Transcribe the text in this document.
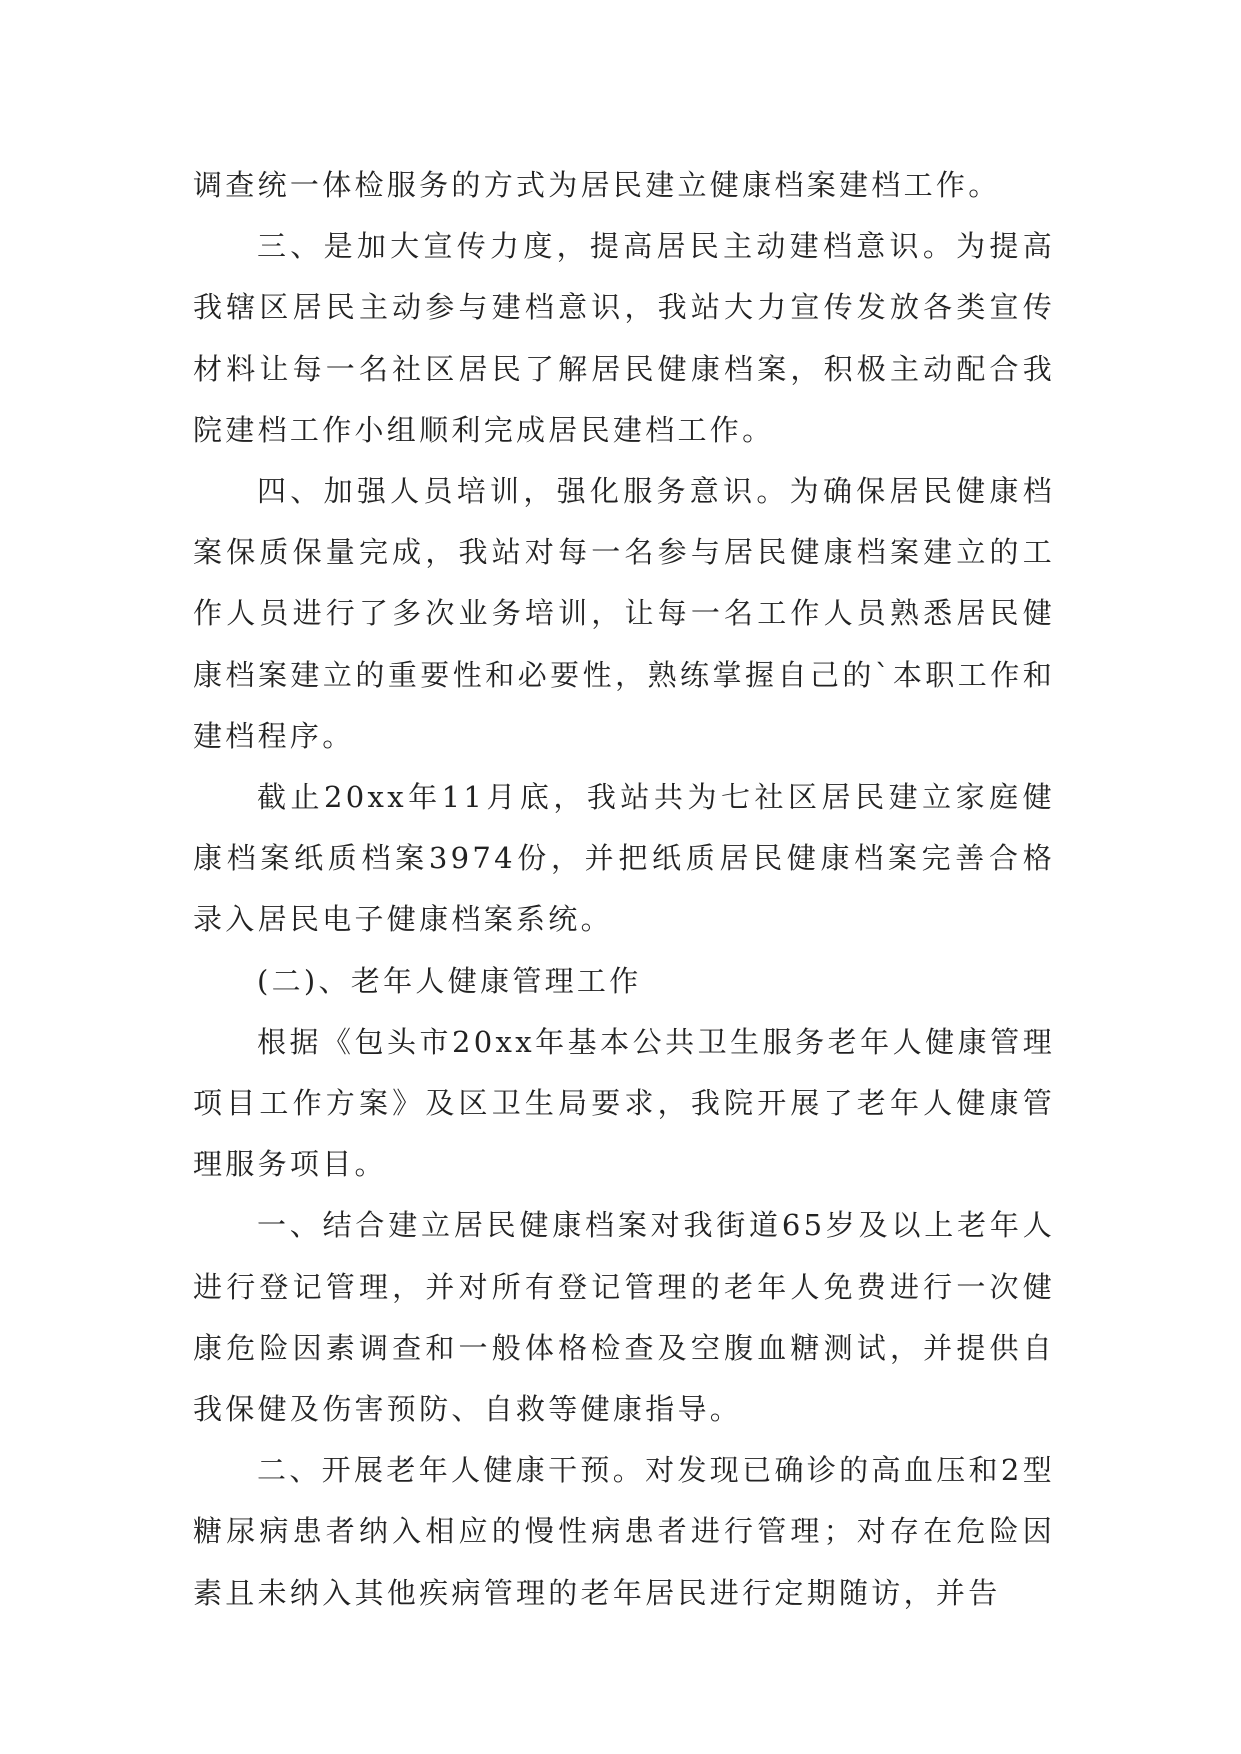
调查统一体检服务的方式为居民建立健康档案建档工作。

三、是加大宣传力度，提高居民主动建档意识。为提高我辖区居民主动参与建档意识，我站大力宣传发放各类宣传材料让每一名社区居民了解居民健康档案，积极主动配合我院建档工作小组顺利完成居民建档工作。

四、加强人员培训，强化服务意识。为确保居民健康档案保质保量完成，我站对每一名参与居民健康档案建立的工作人员进行了多次业务培训，让每一名工作人员熟悉居民健康档案建立的重要性和必要性，熟练掌握自己的`本职工作和建档程序。

截止20xx年11月底，我站共为七社区居民建立家庭健康档案纸质档案3974份，并把纸质居民健康档案完善合格录入居民电子健康档案系统。

(二)、老年人健康管理工作

根据《包头市20xx年基本公共卫生服务老年人健康管理项目工作方案》及区卫生局要求，我院开展了老年人健康管理服务项目。

一、结合建立居民健康档案对我街道65岁及以上老年人进行登记管理，并对所有登记管理的老年人免费进行一次健康危险因素调查和一般体格检查及空腹血糖测试，并提供自我保健及伤害预防、自救等健康指导。

二、开展老年人健康干预。对发现已确诊的高血压和2型糖尿病患者纳入相应的慢性病患者进行管理；对存在危险因素且未纳入其他疾病管理的老年居民进行定期随访，并告
